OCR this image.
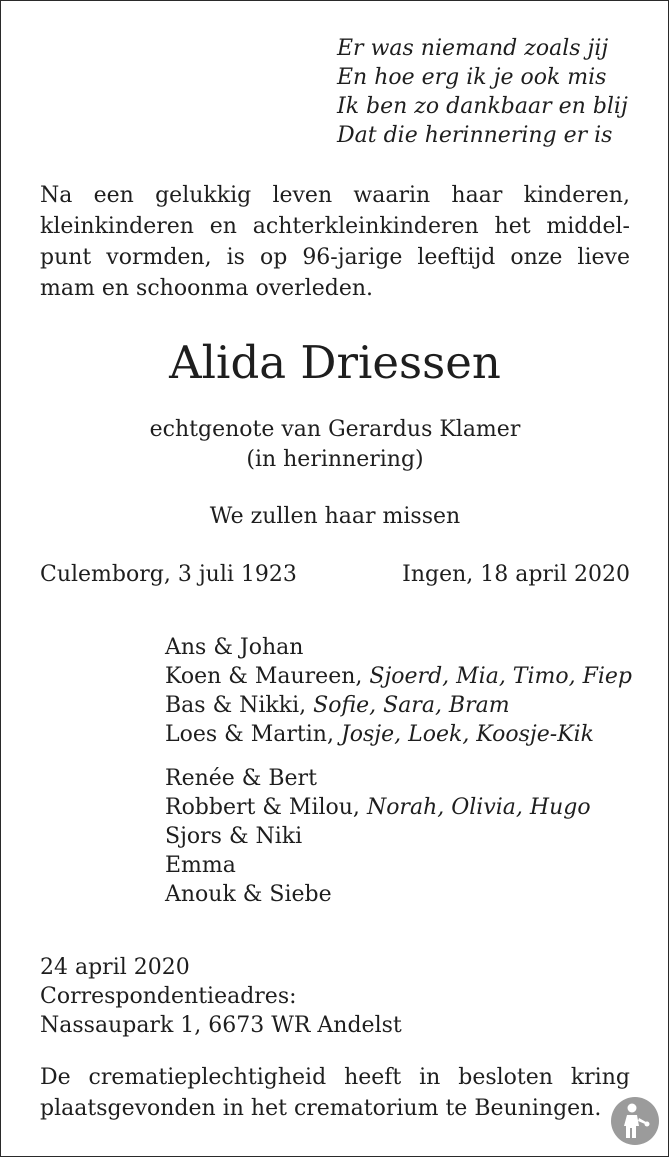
Er was niemand zoals jij
En hoe erg ik je ook mis
Ik ben zo dankbaar en blij
Dat die herinnering er is
Na een gelukkig leven waarin haar kinderen,
kleinkinderen en achterkleinkinderen het middel-
punt vormden, is op 96-jarige leeftijd onze lieve
mam en schoonma overleden.
Alida Driessen
echtgenote van Gerardus Klamer
(in herinnering)
We zullen haar missen
Culemborg, 3 juli 1923	Ingen, 18 april 2020
Ans & Johan
Koen & Maureen, Sjoerd, Mia, Timo, Fiep
Bas & Nikki, Sofie, Sara, Bram
Loes & Martin, Josje, Loek, Koosje-Kik
Renée & Bert
Robbert & Milou, Norah, Olivia, Hugo
Sjors & Niki
Emma
Anouk & Siebe
24 april 2020
Correspondentieadres:
Nassaupark 1, 6673 WR Andelst
De crematieplechtigheid heeft in besloten kring
plaatsgevonden in het crematorium te Beuningen.
